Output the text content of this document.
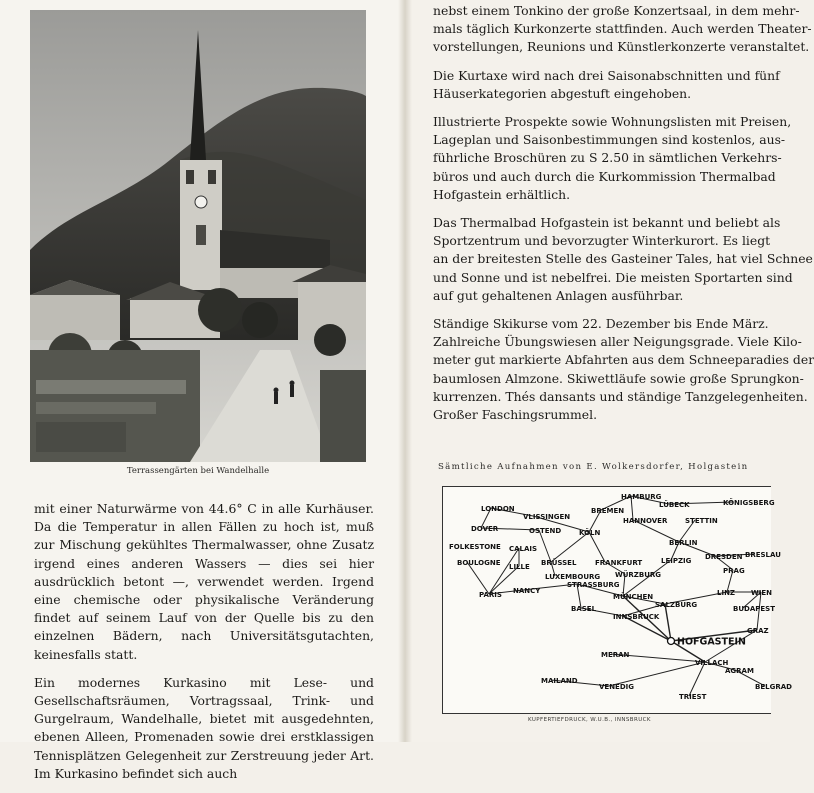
Terrassengärten bei Wandelhalle

mit einer Naturwärme von 44.6° C in alle Kurhäuser. Da die Temperatur in allen Fällen zu hoch ist, muß zur Mischung gekühltes Thermalwasser, ohne Zusatz irgend eines anderen Wassers — dies sei hier ausdrücklich betont —, verwendet werden. Irgend eine chemische oder physikalische Veränderung findet auf seinem Lauf von der Quelle bis zu den einzelnen Bädern, nach Universitätsgutachten, keinesfalls statt.

Ein modernes Kurkasino mit Lese- und Gesellschaftsräumen, Vortragssaal, Trink- und Gurgelraum, Wandelhalle, bietet mit ausgedehnten, ebenen Alleen, Promenaden sowie drei erstklassigen Tennisplätzen Gelegenheit zur Zerstreuung jeder Art. Im Kurkasino befindet sich auch

nebst einem Tonkino der große Konzertsaal, in dem mehr-
mals täglich Kurkonzerte stattfinden. Auch werden Theater-
vorstellungen, Reunions und Künstlerkonzerte veranstaltet.

Die Kurtaxe wird nach drei Saisonabschnitten und fünf
Häuserkategorien abgestuft eingehoben.

Illustrierte Prospekte sowie Wohnungslisten mit Preisen,
Lageplan und Saisonbestimmungen sind kostenlos, aus-
führliche Broschüren zu S 2.50 in sämtlichen Verkehrs-
büros und auch durch die Kurkommission Thermalbad
Hofgastein erhältlich.

Das Thermalbad Hofgastein ist bekannt und beliebt als
Sportzentrum und bevorzugter Winterkurort. Es liegt
an der breitesten Stelle des Gasteiner Tales, hat viel Schnee
und Sonne und ist nebelfrei. Die meisten Sportarten sind
auf gut gehaltenen Anlagen ausführbar.

Ständige Skikurse vom 22. Dezember bis Ende März.
Zahlreiche Übungswiesen aller Neigungsgrade. Viele Kilo-
meter gut markierte Abfahrten aus dem Schneeparadies der
baumlosen Almzone. Skiwettläufe sowie große Sprungkon-
kurrenzen. Thés dansants und ständige Tanzgelegenheiten.
Großer Faschingsrummel.

Sämtliche Aufnahmen von E. Wolkersdorfer, Holgastein
LONDON
VLISSINGEN
DOVER	OSTEND
FOLKESTONE CALAIS
BOULOGNE LILLE BRÜSSEL
PARIS NANCY
LUXEMBOURG
STRASSBURG
BASEL
KÖLN
BREMEN
HAMBURG
HANNOVER
LÜBECK	KÖNIGSBERG
STETTIN
BERLIN
FRANKFURT
WÜRZBURG
LEIPZIG DRESDEN BRESLAU
PRAG
MÜNCHEN	LINZ WIEN
BUDAPEST
SALZBURG
INNSBRUCK
GRAZ
MERAN
VILLACH
AGRAM
MAILAND
VENEDIG
TRIEST
BELGRAD
HOFGASTEIN
KUPFERTIEFDRUCK, W.U.B., INNSBRUCK
